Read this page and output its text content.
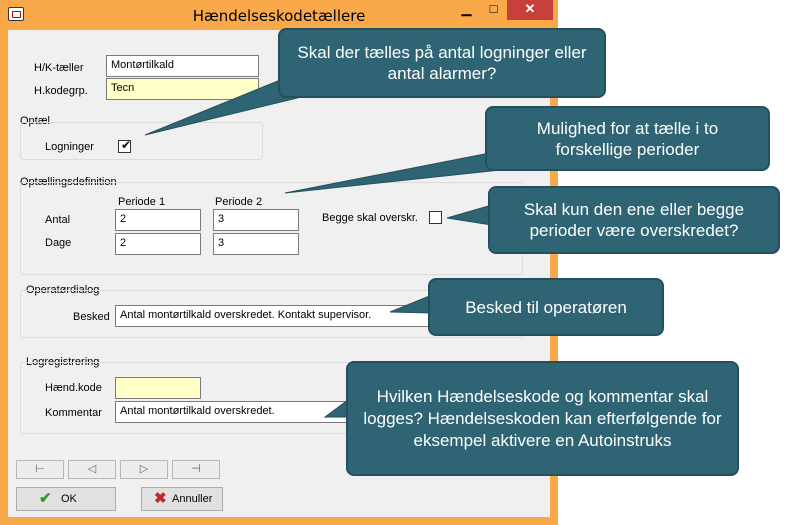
Hændelseskodetællere	▁	□	✕
H/K-tæller	Montørtilkald
H.kodegrp.	Tecn
Optæl
Logninger ✔
Optællingsdefinition
Periode 1	Periode 2
Antal	2	3
Dage	2	3
Begge skal overskr.
Operatørdialog
Besked Antal montørtilkald overskredet. Kontakt supervisor.
Logregistrering
Hænd.kode
Kommentar	Antal montørtilkald overskredet.
⊢	◁	▷	⊣
✔ OK	✖ Annuller
Skal der tælles på antal logninger eller antal alarmer?
Mulighed for at tælle i to forskellige perioder
Skal kun den ene eller begge perioder være overskredet?
Besked til operatøren
Hvilken Hændelseskode og kommentar skal logges? Hændelseskoden kan efterfølgende for eksempel aktivere en Autoinstruks
